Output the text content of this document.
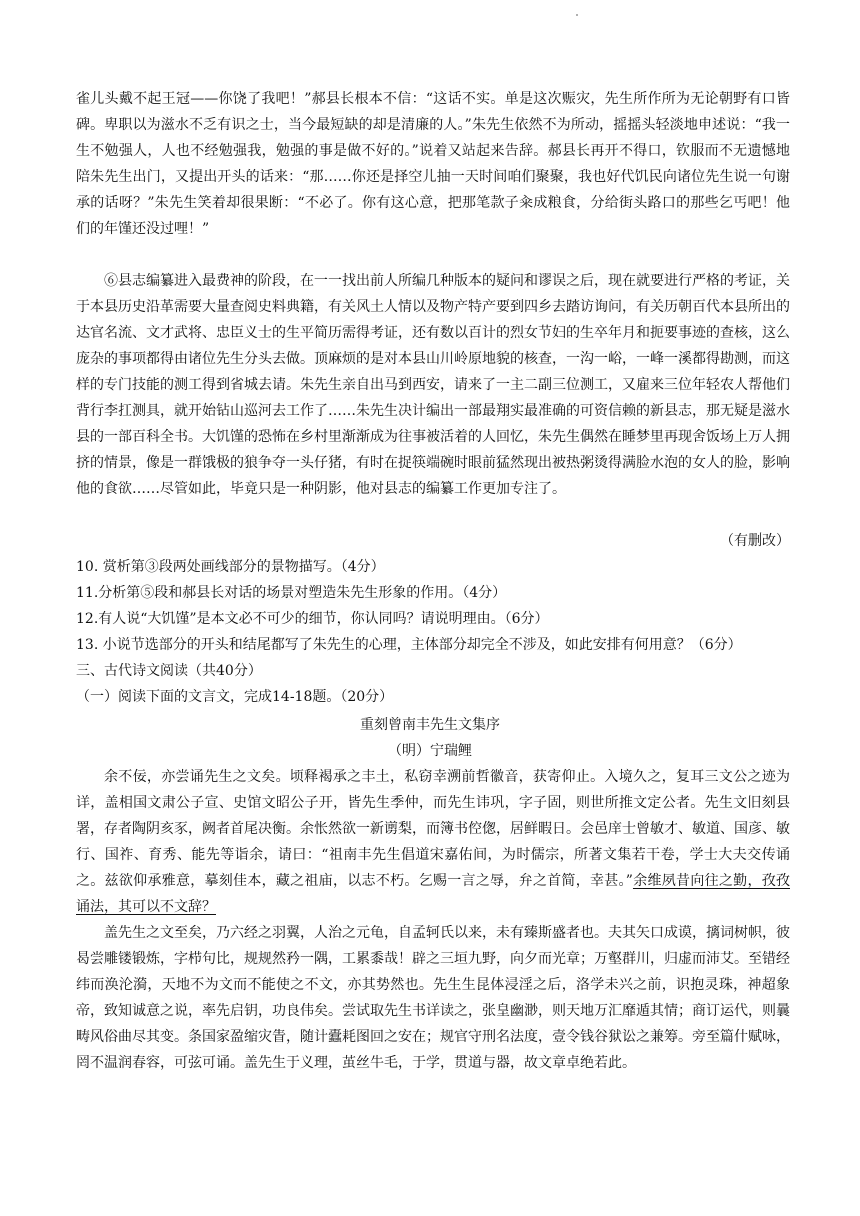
雀儿头戴不起王冠——你饶了我吧！”郝县长根本不信：“这话不实。单是这次赈灾，先生所作所为无论朝野有口皆碑。卑职以为滋水不乏有识之士，当今最短缺的却是清廉的人。”朱先生依然不为所动，摇摇头轻淡地申述说：“我一生不勉强人，人也不经勉强我，勉强的事是做不好的。”说着又站起来告辞。郝县长再开不得口，钦服而不无遗憾地陪朱先生出门，又提出开头的话来：“那……你还是择空儿抽一天时间咱们聚聚，我也好代饥民向诸位先生说一句谢承的话呀？”朱先生笑着却很果断：“不必了。你有这心意，把那笔款子籴成粮食，分给街头路口的那些乞丐吧！他们的年馑还没过哩！”

⑥县志编纂进入最费神的阶段，在一一找出前人所编几种版本的疑问和谬误之后，现在就要进行严格的考证，关于本县历史沿革需要大量查阅史料典籍，有关风土人情以及物产特产要到四乡去踏访询问，有关历朝百代本县所出的达官名流、文才武将、忠臣义士的生平简历需得考证，还有数以百计的烈女节妇的生卒年月和扼要事迹的查核，这么庞杂的事项都得由诸位先生分头去做。顶麻烦的是对本县山川岭原地貌的核查，一沟一峪，一峰一溪都得勘测，而这样的专门技能的测工得到省城去请。朱先生亲自出马到西安，请来了一主二副三位测工，又雇来三位年轻农人帮他们背行李扛测具，就开始钻山巡河去工作了……朱先生决计编出一部最翔实最准确的可资信赖的新县志，那无疑是滋水县的一部百科全书。大饥馑的恐怖在乡村里渐渐成为往事被活着的人回忆，朱先生偶然在睡梦里再现舍饭场上万人拥挤的情景，像是一群饿极的狼争夺一头仔猪，有时在捉筷端碗时眼前猛然现出被热粥烫得满脸水泡的女人的脸，影响他的食欲……尽管如此，毕竟只是一种阴影，他对县志的编纂工作更加专注了。

（有删改）

10. 赏析第③段两处画线部分的景物描写。（4分）

11.分析第⑤段和郝县长对话的场景对塑造朱先生形象的作用。（4分）

12.有人说“大饥馑”是本文必不可少的细节，你认同吗？请说明理由。（6分）

13. 小说节选部分的开头和结尾都写了朱先生的心理，主体部分却完全不涉及，如此安排有何用意？（6分）

三、古代诗文阅读（共40分）

（一）阅读下面的文言文，完成14-18题。（20分）

重刻曾南丰先生文集序

（明）宁瑞鲤

余不佞，亦尝诵先生之文矣。顷释褐承之丰土，私窃幸溯前哲徽音，获寄仰止。入境久之，复耳三文公之迹为详，盖相国文肃公子宣、史馆文昭公子开，皆先生季仲，而先生讳巩，字子固，则世所推文定公者。先生文旧刻县署，存者陶阴亥豕，阙者首尾决衡。余怅然欲一新谫梨，而簿书倥偬，居鲜暇日。会邑庠士曾敏才、敏道、国彦、敏行、国祚、育秀、能先等诣余，请曰：“祖南丰先生倡道宋嘉佑间，为时儒宗，所著文集若干卷，学士大夫交传诵之。兹欲仰承雅意，摹刻佳本，藏之祖庙，以志不朽。乞赐一言之辱，弁之首简，幸甚。”余维夙昔向往之勤，孜孜诵法，其可以不文辞？

盖先生之文至矣，乃六经之羽翼，人治之元龟，自孟轲氏以来，未有臻斯盛者也。夫其矢口成谟，摛词树帜，彼曷尝雕镂锻炼，字栉句比，规规然矜一隅，工累黍哉！辟之三垣九野，向夕而光章；万壑群川，归虚而沛艾。至错经纬而涣沦漪，天地不为文而不能使之不文，亦其势然也。先生生昆体浸淫之后，洛学未兴之前，识抱灵珠，神超象帝，致知诚意之说，率先启钥，功良伟矣。尝试取先生书详读之，张皇幽渺，则天地万汇靡遁其情；商订运代，则曩畴风俗曲尽其变。条国家盈缩灾眚，随计蠹耗图回之安在；规官守刑名法度，壹令钱谷狱讼之兼筹。旁至篇什赋咏，罔不温润春容，可弦可诵。盖先生于义理，茧丝牛毛，于学，贯道与器，故文章卓绝若此。
